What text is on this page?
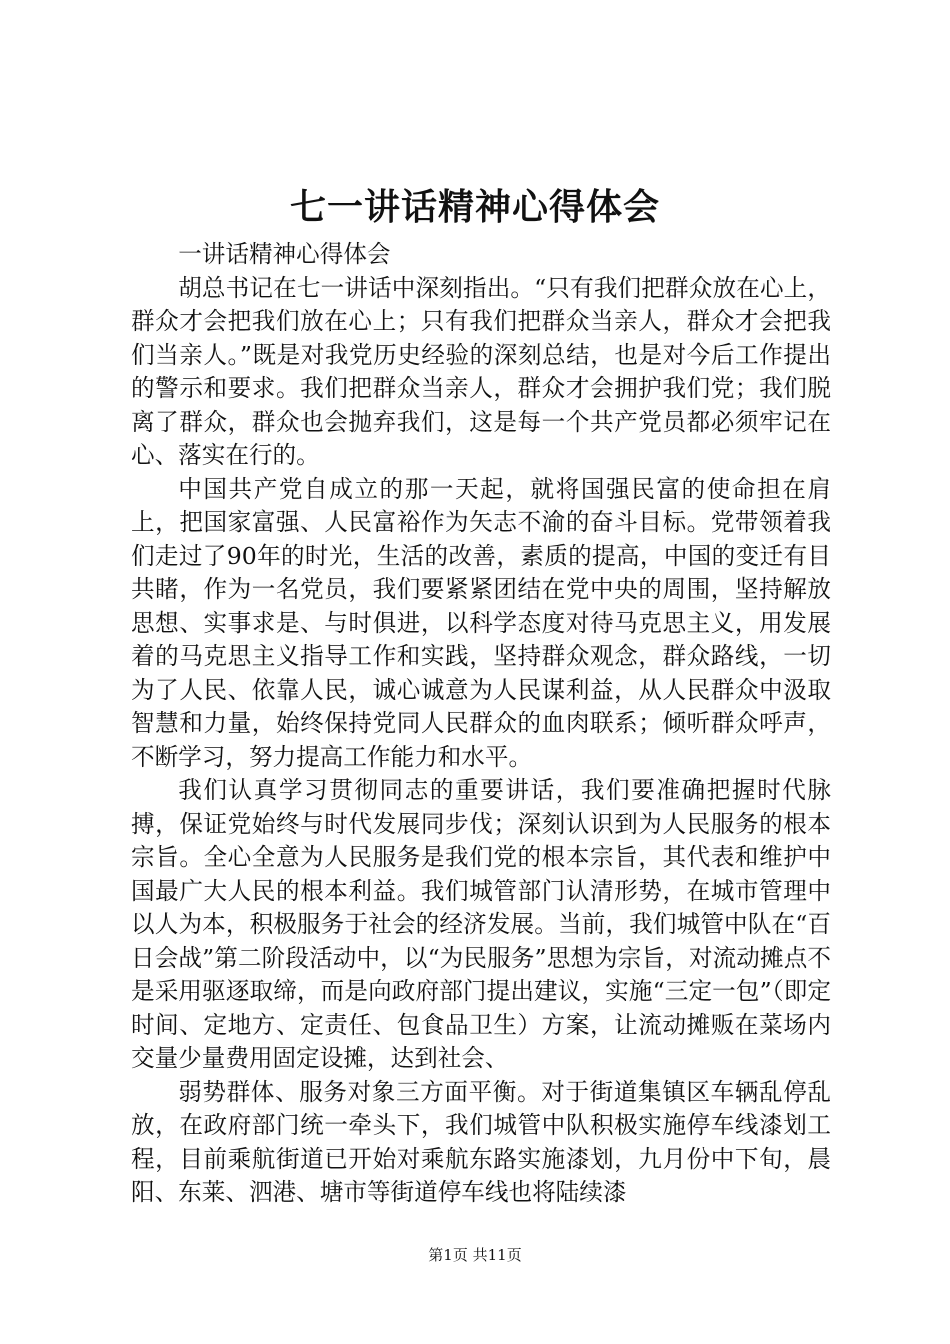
七一讲话精神心得体会

一讲话精神心得体会

胡总书记在七一讲话中深刻指出。“只有我们把群众放在心上，群众才会把我们放在心上；只有我们把群众当亲人，群众才会把我们当亲人。”既是对我党历史经验的深刻总结，也是对今后工作提出的警示和要求。我们把群众当亲人，群众才会拥护我们党；我们脱离了群众，群众也会抛弃我们，这是每一个共产党员都必须牢记在心、落实在行的。

中国共产党自成立的那一天起，就将国强民富的使命担在肩上，把国家富强、人民富裕作为矢志不渝的奋斗目标。党带领着我们走过了90年的时光，生活的改善，素质的提高，中国的变迁有目共睹，作为一名党员，我们要紧紧团结在党中央的周围，坚持解放思想、实事求是、与时俱进，以科学态度对待马克思主义，用发展着的马克思主义指导工作和实践，坚持群众观念，群众路线，一切为了人民、依靠人民，诚心诚意为人民谋利益，从人民群众中汲取智慧和力量，始终保持党同人民群众的血肉联系；倾听群众呼声，不断学习，努力提高工作能力和水平。

我们认真学习贯彻同志的重要讲话，我们要准确把握时代脉搏，保证党始终与时代发展同步伐；深刻认识到为人民服务的根本宗旨。全心全意为人民服务是我们党的根本宗旨，其代表和维护中国最广大人民的根本利益。我们城管部门认清形势，在城市管理中以人为本，积极服务于社会的经济发展。当前，我们城管中队在“百日会战”第二阶段活动中，以“为民服务”思想为宗旨，对流动摊点不是采用驱逐取缔，而是向政府部门提出建议，实施“三定一包”（即定时间、定地方、定责任、包食品卫生）方案，让流动摊贩在菜场内交量少量费用固定设摊，达到社会、

弱势群体、服务对象三方面平衡。对于街道集镇区车辆乱停乱放，在政府部门统一牵头下，我们城管中队积极实施停车线漆划工程，目前乘航街道已开始对乘航东路实施漆划，九月份中下旬，晨阳、东莱、泗港、塘市等街道停车线也将陆续漆

第1页 共11页
